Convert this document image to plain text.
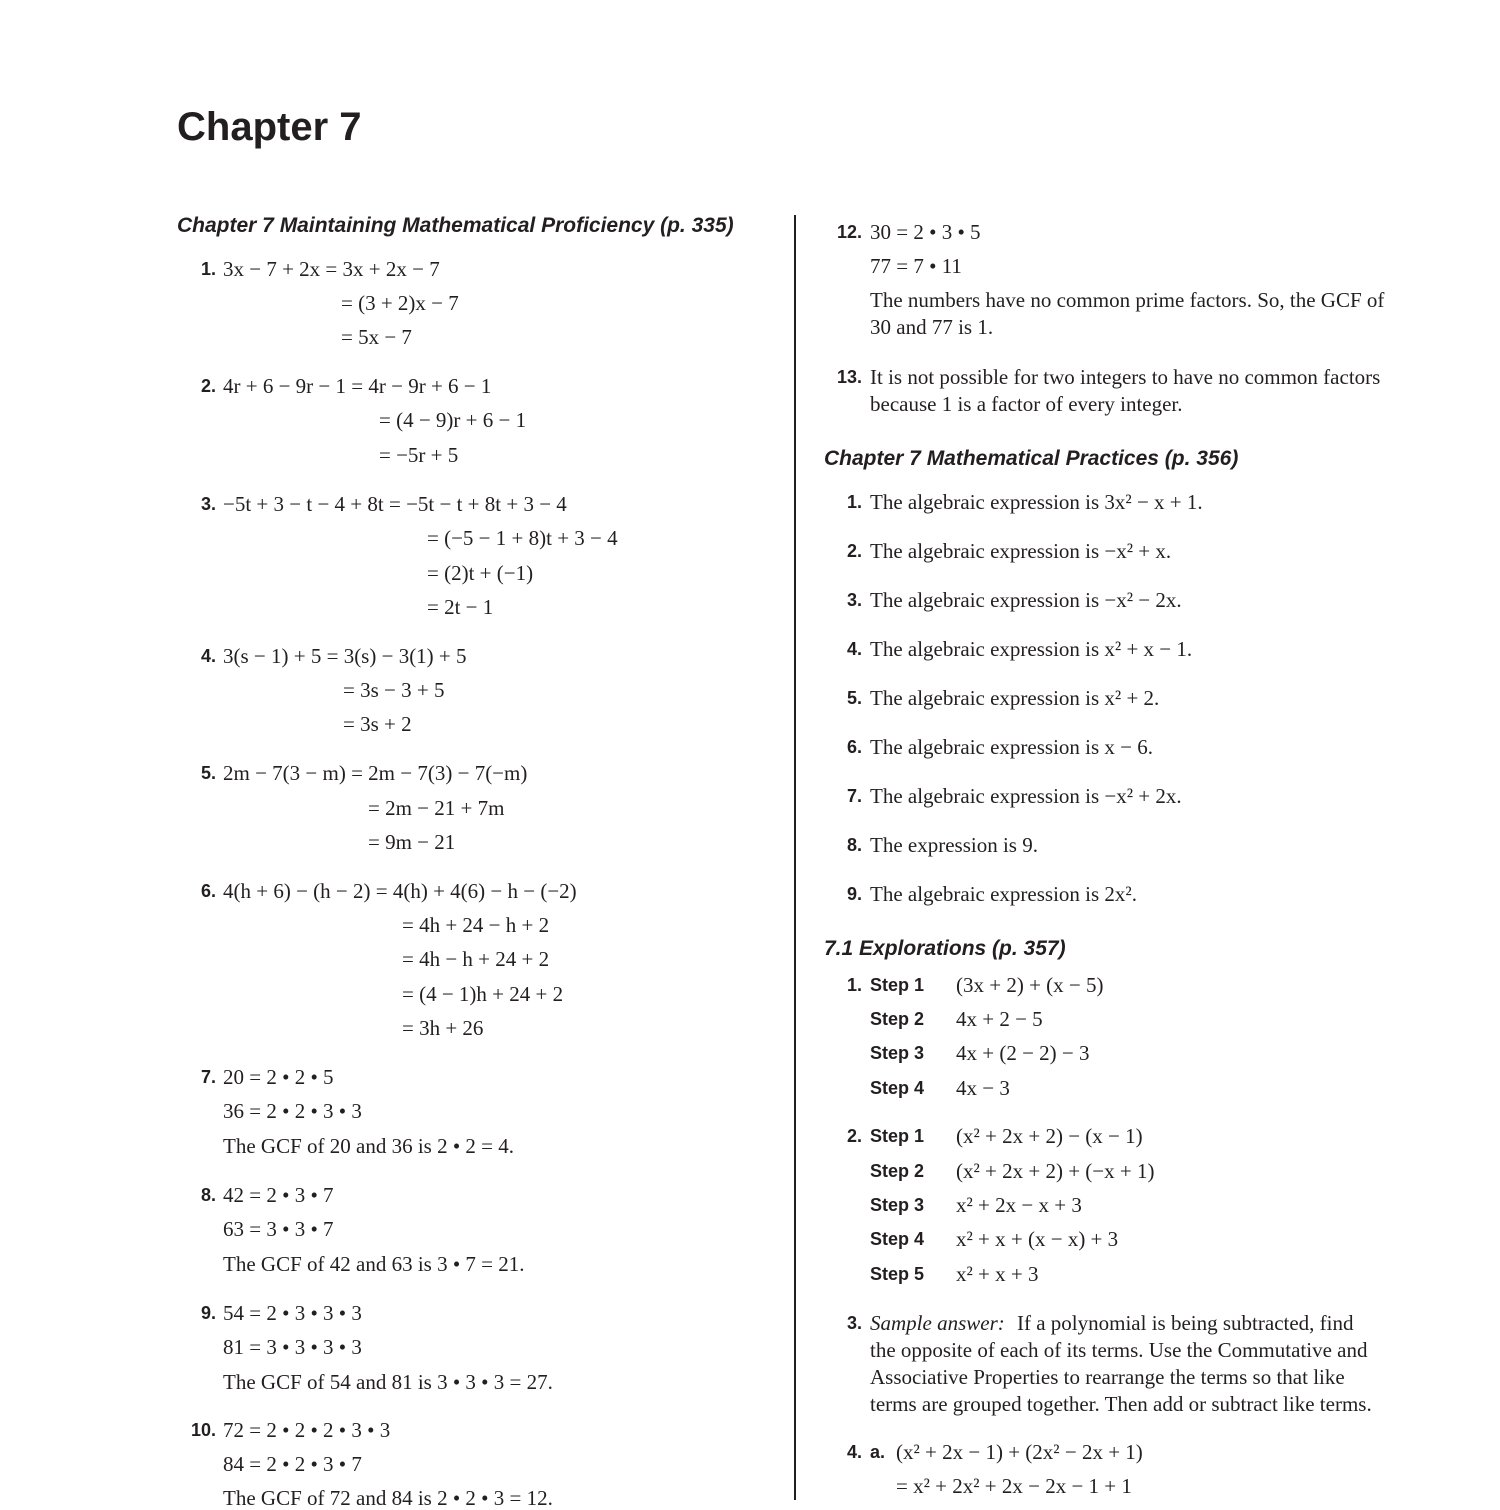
Chapter 7
Chapter 7 Maintaining Mathematical Proficiency (p. 335)
1. 3x − 7 + 2x = 3x + 2x − 7
= (3 + 2)x − 7
= 5x − 7
2. 4r + 6 − 9r − 1 = 4r − 9r + 6 − 1
= (4 − 9)r + 6 − 1
= −5r + 5
3. −5t + 3 − t − 4 + 8t = −5t − t + 8t + 3 − 4
= (−5 − 1 + 8)t + 3 − 4
= (2)t + (−1)
= 2t − 1
4. 3(s − 1) + 5 = 3(s) − 3(1) + 5
= 3s − 3 + 5
= 3s + 2
5. 2m − 7(3 − m) = 2m − 7(3) − 7(−m)
= 2m − 21 + 7m
= 9m − 21
6. 4(h + 6) − (h − 2) = 4(h) + 4(6) − h − (−2)
= 4h + 24 − h + 2
= 4h − h + 24 + 2
= (4 − 1)h + 24 + 2
= 3h + 26
7. 20 = 2 • 2 • 5
36 = 2 • 2 • 3 • 3
The GCF of 20 and 36 is 2 • 2 = 4.
8. 42 = 2 • 3 • 7
63 = 3 • 3 • 7
The GCF of 42 and 63 is 3 • 7 = 21.
9. 54 = 2 • 3 • 3 • 3
81 = 3 • 3 • 3 • 3
The GCF of 54 and 81 is 3 • 3 • 3 = 27.
10. 72 = 2 • 2 • 2 • 3 • 3
84 = 2 • 2 • 3 • 7
The GCF of 72 and 84 is 2 • 2 • 3 = 12.
12. 30 = 2 • 3 • 5
77 = 7 • 11
The numbers have no common prime factors. So, the GCF of
30 and 77 is 1.
13. It is not possible for two integers to have no common factors
because 1 is a factor of every integer.
Chapter 7 Mathematical Practices (p. 356)
1. The algebraic expression is 3x² − x + 1.
2. The algebraic expression is −x² + x.
3. The algebraic expression is −x² − 2x.
4. The algebraic expression is x² + x − 1.
5. The algebraic expression is x² + 2.
6. The algebraic expression is x − 6.
7. The algebraic expression is −x² + 2x.
8. The expression is 9.
9. The algebraic expression is 2x².
7.1 Explorations (p. 357)
1. Step 1 (3x + 2) + (x − 5)
Step 2 4x + 2 − 5
Step 3 4x + (2 − 2) − 3
Step 4 4x − 3
2. Step 1 (x² + 2x + 2) − (x − 1)
Step 2 (x² + 2x + 2) + (−x + 1)
Step 3 x² + 2x − x + 3
Step 4 x² + x + (x − x) + 3
Step 5 x² + x + 3
3. Sample answer: If a polynomial is being subtracted, find
the opposite of each of its terms. Use the Commutative and
Associative Properties to rearrange the terms so that like
terms are grouped together. Then add or subtract like terms.
4. a. (x² + 2x − 1) + (2x² − 2x + 1)
= x² + 2x² + 2x − 2x − 1 + 1
